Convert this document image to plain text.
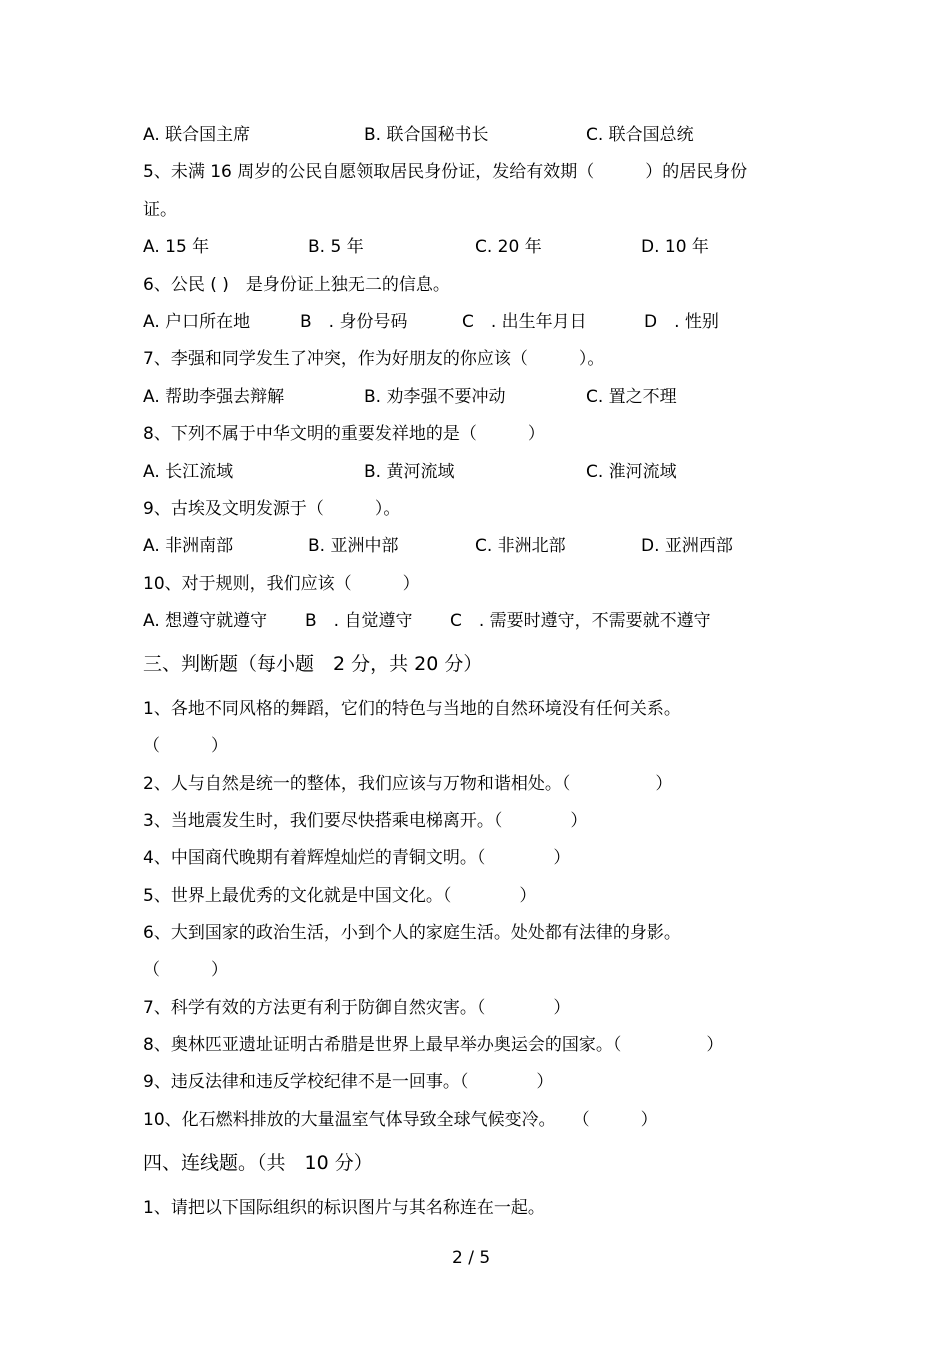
A. 联合国主席	B. 联合国秘书长	C. 联合国总统
5、未满 16 周岁的公民自愿领取居民身份证，发给有效期（　　　）的居民身份
证。
A. 15 年	B. 5 年	C. 20 年	D. 10 年
6、公民 ( )　是身份证上独无二的信息。
A. 户口所在地	B　. 身份号码	C　. 出生年月日	D　. 性别
7、李强和同学发生了冲突，作为好朋友的你应该（　　　）。
A. 帮助李强去辩解	B. 劝李强不要冲动	C. 置之不理
8、下列不属于中华文明的重要发祥地的是（　　　）
A. 长江流域	B. 黄河流域	C. 淮河流域
9、古埃及文明发源于（　　　）。
A. 非洲南部	B. 亚洲中部	C. 非洲北部	D. 亚洲西部
10、对于规则，我们应该（　　　）
A. 想遵守就遵守 B　. 自觉遵守 C　. 需要时遵守，不需要就不遵守
三、判断题（每小题　2 分，共 20 分）
1、各地不同风格的舞蹈，它们的特色与当地的自然环境没有任何关系。
（　　　）
2、人与自然是统一的整体，我们应该与万物和谐相处。（　　　　　）
3、当地震发生时，我们要尽快搭乘电梯离开。（　　　　）
4、中国商代晚期有着辉煌灿烂的青铜文明。（　　　　）
5、世界上最优秀的文化就是中国文化。（　　　　）
6、大到国家的政治生活，小到个人的家庭生活。处处都有法律的身影。
（　　　）
7、科学有效的方法更有利于防御自然灾害。（　　　　）
8、奥林匹亚遗址证明古希腊是世界上最早举办奥运会的国家。（　　　　　）
9、违反法律和违反学校纪律不是一回事。（　　　　）
10、化石燃料排放的大量温室气体导致全球气候变冷。　　（　　　）
四、连线题。（共　10 分）
1、请把以下国际组织的标识图片与其名称连在一起。
2 / 5
